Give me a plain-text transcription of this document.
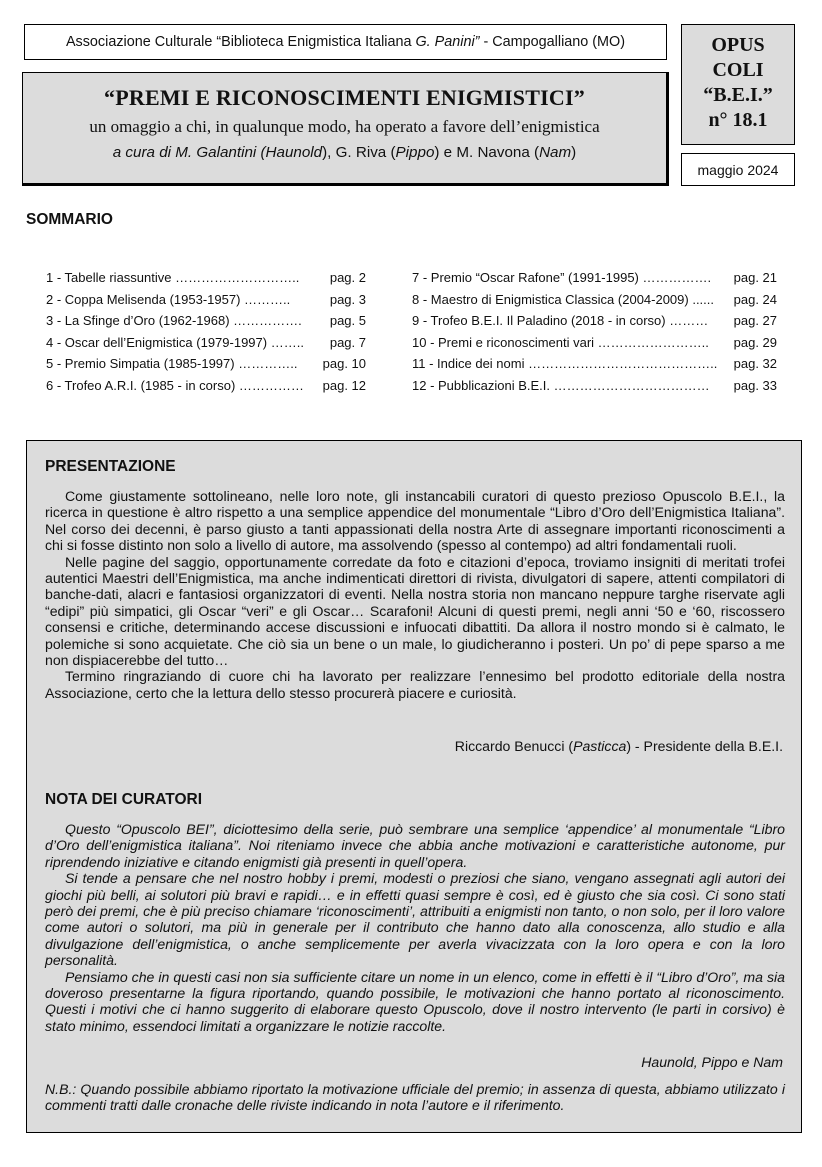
Associazione Culturale “Biblioteca Enigmistica Italiana G. Panini” - Campogalliano (MO)
“PREMI E RICONOSCIMENTI ENIGMISTICI”
un omaggio a chi, in qualunque modo, ha operato a favore dell’enigmistica
a cura di M. Galantini (Haunold), G. Riva (Pippo) e M. Navona (Nam)
OPUS
COLI
“B.E.I.”
n° 18.1
maggio 2024
SOMMARIO
1 - Tabelle riassuntive ……………………….. pag. 2
2 - Coppa Melisenda (1953-1957) ………..	pag. 3
3 - La Sfinge d’Oro (1962-1968) ……………. pag. 5
4 - Oscar dell’Enigmistica (1979-1997) …….. pag. 7
5 - Premio Simpatia (1985-1997) ………….. pag. 10
6 - Trofeo A.R.I. (1985 - in corso) …………… pag. 12
7 - Premio “Oscar Rafone” (1991-1995) ……………. pag. 21
8 - Maestro di Enigmistica Classica (2004-2009) ...... pag. 24
9 - Trofeo B.E.I. Il Paladino (2018 - in corso) ……… pag. 27
10 - Premi e riconoscimenti vari …………………….. pag. 29
11 - Indice dei nomi …………………………………….. pag. 32
12 - Pubblicazioni B.E.I. ……………………………… pag. 33
PRESENTAZIONE

Come giustamente sottolineano, nelle loro note, gli instancabili curatori di questo prezioso Opuscolo B.E.I., la ricerca in questione è altro rispetto a una semplice appendice del monumentale “Libro d’Oro dell’Enigmistica Italiana”. Nel corso dei decenni, è parso giusto a tanti appassionati della nostra Arte di assegnare importanti riconoscimenti a chi si fosse distinto non solo a livello di autore, ma assolvendo (spesso al contempo) ad altri fondamentali ruoli.

Nelle pagine del saggio, opportunamente corredate da foto e citazioni d’epoca, troviamo insigniti di meritati trofei autentici Maestri dell’Enigmistica, ma anche indimenticati direttori di rivista, divulgatori di sapere, attenti compilatori di banche-dati, alacri e fantasiosi organizzatori di eventi. Nella nostra storia non mancano neppure targhe riservate agli “edipi” più simpatici, gli Oscar “veri” e gli Oscar… Scarafoni! Alcuni di questi premi, negli anni ‘50 e ‘60, riscossero consensi e critiche, determinando accese discussioni e infuocati dibattiti. Da allora il nostro mondo si è calmato, le polemiche si sono acquietate. Che ciò sia un bene o un male, lo giudicheranno i posteri. Un po’ di pepe sparso a me non dispiacerebbe del tutto…

Termino ringraziando di cuore chi ha lavorato per realizzare l’ennesimo bel prodotto editoriale della nostra Associazione, certo che la lettura dello stesso procurerà piacere e curiosità.

Riccardo Benucci (Pasticca) - Presidente della B.E.I.
NOTA DEI CURATORI

Questo “Opuscolo BEI”, diciottesimo della serie, può sembrare una semplice ‘appendice’ al monumentale “Libro d’Oro dell’enigmistica italiana”. Noi riteniamo invece che abbia anche motivazioni e caratteristiche autonome, pur riprendendo iniziative e citando enigmisti già presenti in quell’opera.

Si tende a pensare che nel nostro hobby i premi, modesti o preziosi che siano, vengano assegnati agli autori dei giochi più belli, ai solutori più bravi e rapidi… e in effetti quasi sempre è così, ed è giusto che sia così. Ci sono stati però dei premi, che è più preciso chiamare ‘riconoscimenti’, attribuiti a enigmisti non tanto, o non solo, per il loro valore come autori o solutori, ma più in generale per il contributo che hanno dato alla conoscenza, allo studio e alla divulgazione dell’enigmistica, o anche semplicemente per averla vivacizzata con la loro opera e con la loro personalità.

Pensiamo che in questi casi non sia sufficiente citare un nome in un elenco, come in effetti è il “Libro d’Oro”, ma sia doveroso presentarne la figura riportando, quando possibile, le motivazioni che hanno portato al riconoscimento. Questi i motivi che ci hanno suggerito di elaborare questo Opuscolo, dove il nostro intervento (le parti in corsivo) è stato minimo, essendoci limitati a organizzare le notizie raccolte.

Haunold, Pippo e Nam

N.B.: Quando possibile abbiamo riportato la motivazione ufficiale del premio; in assenza di questa, abbiamo utilizzato i commenti tratti dalle cronache delle riviste indicando in nota l’autore e il riferimento.
